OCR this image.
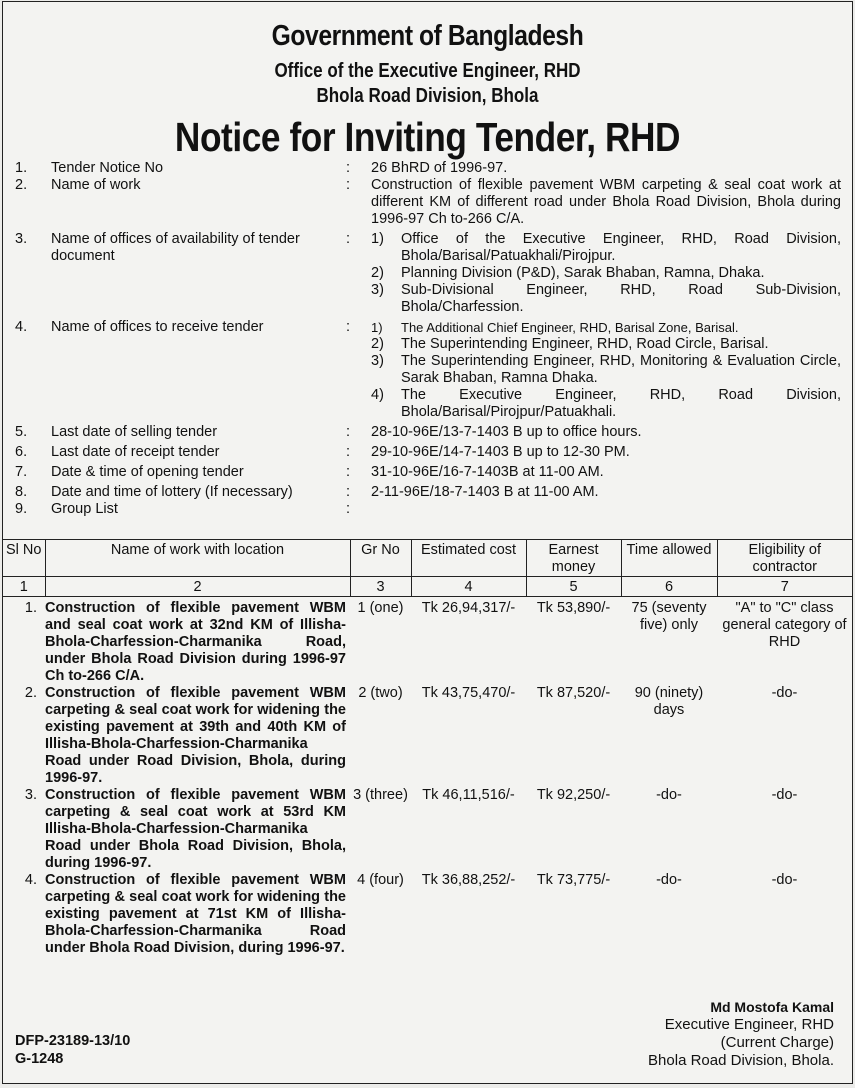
Government of Bangladesh
Office of the Executive Engineer, RHD
Bhola Road Division, Bhola
Notice for Inviting Tender, RHD
1. Tender Notice No	: 26 BhRD of 1996-97.
2. Name of work	: Construction of flexible pavement WBM carpeting & seal coat work at different KM of different road under Bhola Road Division, Bhola during 1996-97 Ch to-266 C/A.
3. Name of offices of availability of tender document
: 1) Office of the Executive Engineer, RHD, Road Division, Bhola/Barisal/Patuakhali/Pirojpur.
2) Planning Division (P&D), Sarak Bhaban, Ramna, Dhaka.
3) Sub-Divisional Engineer, RHD, Road Sub-Division, Bhola/Charfession.
4. Name of offices to receive tender	: 1) The Additional Chief Engineer, RHD, Barisal Zone, Barisal.
2) The Superintending Engineer, RHD, Road Circle, Barisal.
3) The Superintending Engineer, RHD, Monitoring & Evaluation Circle, Sarak Bhaban, Ramna Dhaka.
4) The Executive Engineer, RHD, Road Division, Bhola/Barisal/Pirojpur/Patuakhali.
5. Last date of selling tender	: 28-10-96E/13-7-1403 B up to office hours.
6. Last date of receipt tender	: 29-10-96E/14-7-1403 B up to 12-30 PM.
7. Date & time of opening tender	: 31-10-96E/16-7-1403B at 11-00 AM.
8. Date and time of lottery (If necessary)	: 2-11-96E/18-7-1403 B at 11-00 AM.
9. Group List	:
Sl No	Name of work with location	Gr No	Estimated cost	Earnest money	Time allowed	Eligibility of contractor
1	2	3	4	5	6	7
1.	Construction of flexible pavement WBM and seal coat work at 32nd KM of Illisha-Bhola-Charfession-Charmanika Road, under Bhola Road Division during 1996-97 Ch to-266 C/A.	1 (one)	Tk 26,94,317/-	Tk 53,890/-	75 (seventy five) only	"A" to "C" class general category of RHD
2.	Construction of flexible pavement WBM carpeting & seal coat work for widening the existing pavement at 39th and 40th KM of Illisha-Bhola-Charfession-Charmanika Road under Road Division, Bhola, during 1996-97.	2 (two)	Tk 43,75,470/-	Tk 87,520/-	90 (ninety) days	-do-
3.	Construction of flexible pavement WBM carpeting & seal coat work at 53rd KM Illisha-Bhola-Charfession-Charmanika Road under Bhola Road Division, Bhola, during 1996-97.	3 (three)	Tk 46,11,516/-	Tk 92,250/-	-do-	-do-
4.	Construction of flexible pavement WBM carpeting & seal coat work for widening the existing pavement at 71st KM of Illisha-Bhola-Charfession-Charmanika Road under Bhola Road Division, during 1996-97.	4 (four)	Tk 36,88,252/-	Tk 73,775/-	-do-	-do-
Md Mostofa Kamal
Executive Engineer, RHD
(Current Charge)
Bhola Road Division, Bhola.
DFP-23189-13/10
G-1248
